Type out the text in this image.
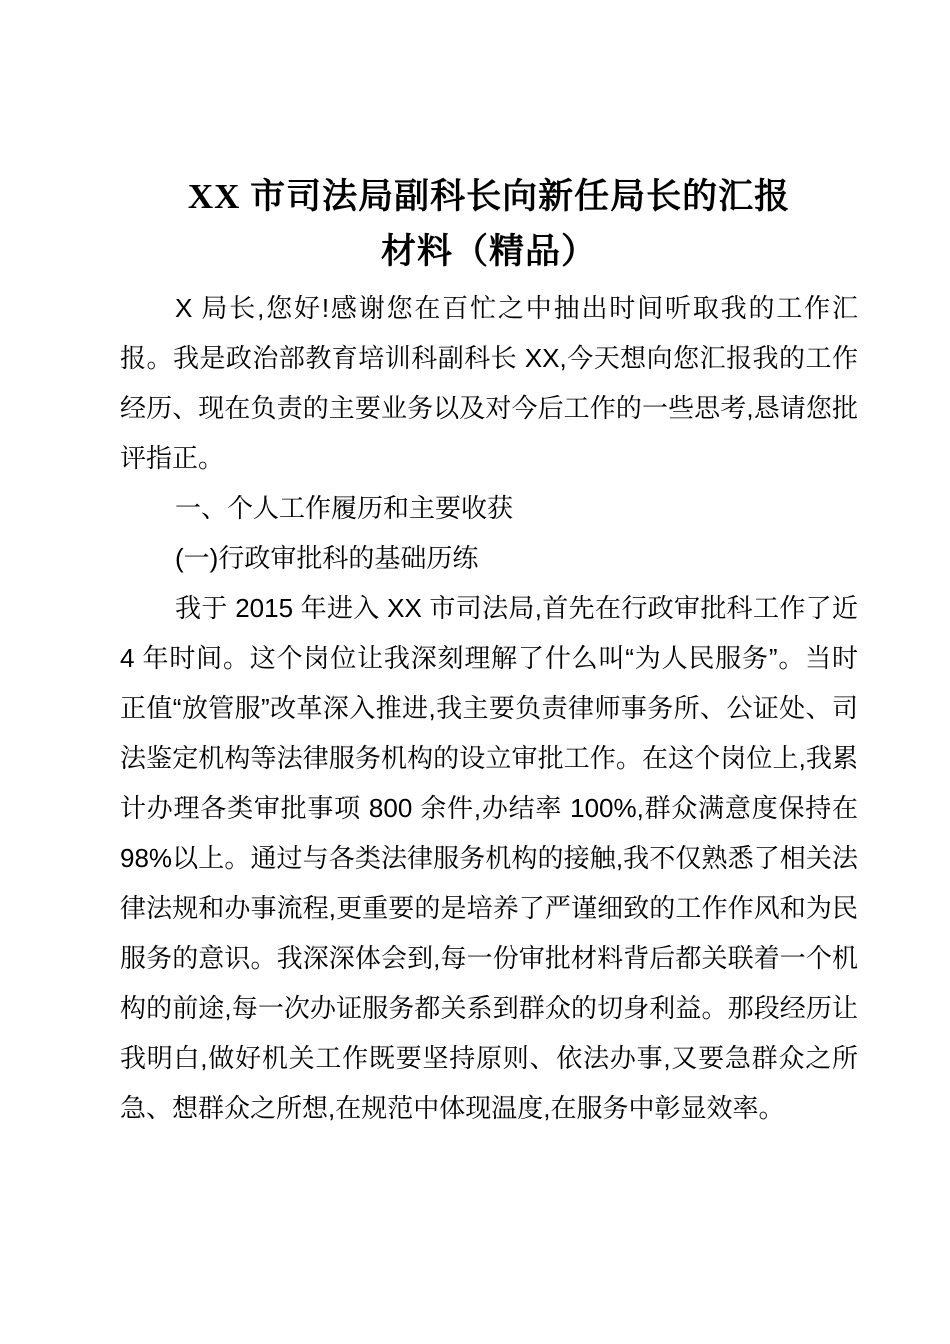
XX 市司法局副科长向新任局长的汇报
材料（精品）

X 局长,您好!感谢您在百忙之中抽出时间听取我的工作汇报。我是政治部教育培训科副科长 XX,今天想向您汇报我的工作经历、现在负责的主要业务以及对今后工作的一些思考,恳请您批评指正。

一、个人工作履历和主要收获

(一)行政审批科的基础历练

我于 2015 年进入 XX 市司法局,首先在行政审批科工作了近 4 年时间。这个岗位让我深刻理解了什么叫“为人民服务”。当时正值“放管服”改革深入推进,我主要负责律师事务所、公证处、司法鉴定机构等法律服务机构的设立审批工作。在这个岗位上,我累计办理各类审批事项 800 余件,办结率 100%,群众满意度保持在 98%以上。通过与各类法律服务机构的接触,我不仅熟悉了相关法律法规和办事流程,更重要的是培养了严谨细致的工作作风和为民服务的意识。我深深体会到,每一份审批材料背后都关联着一个机构的前途,每一次办证服务都关系到群众的切身利益。那段经历让我明白,做好机关工作既要坚持原则、依法办事,又要急群众之所急、想群众之所想,在规范中体现温度,在服务中彰显效率。
